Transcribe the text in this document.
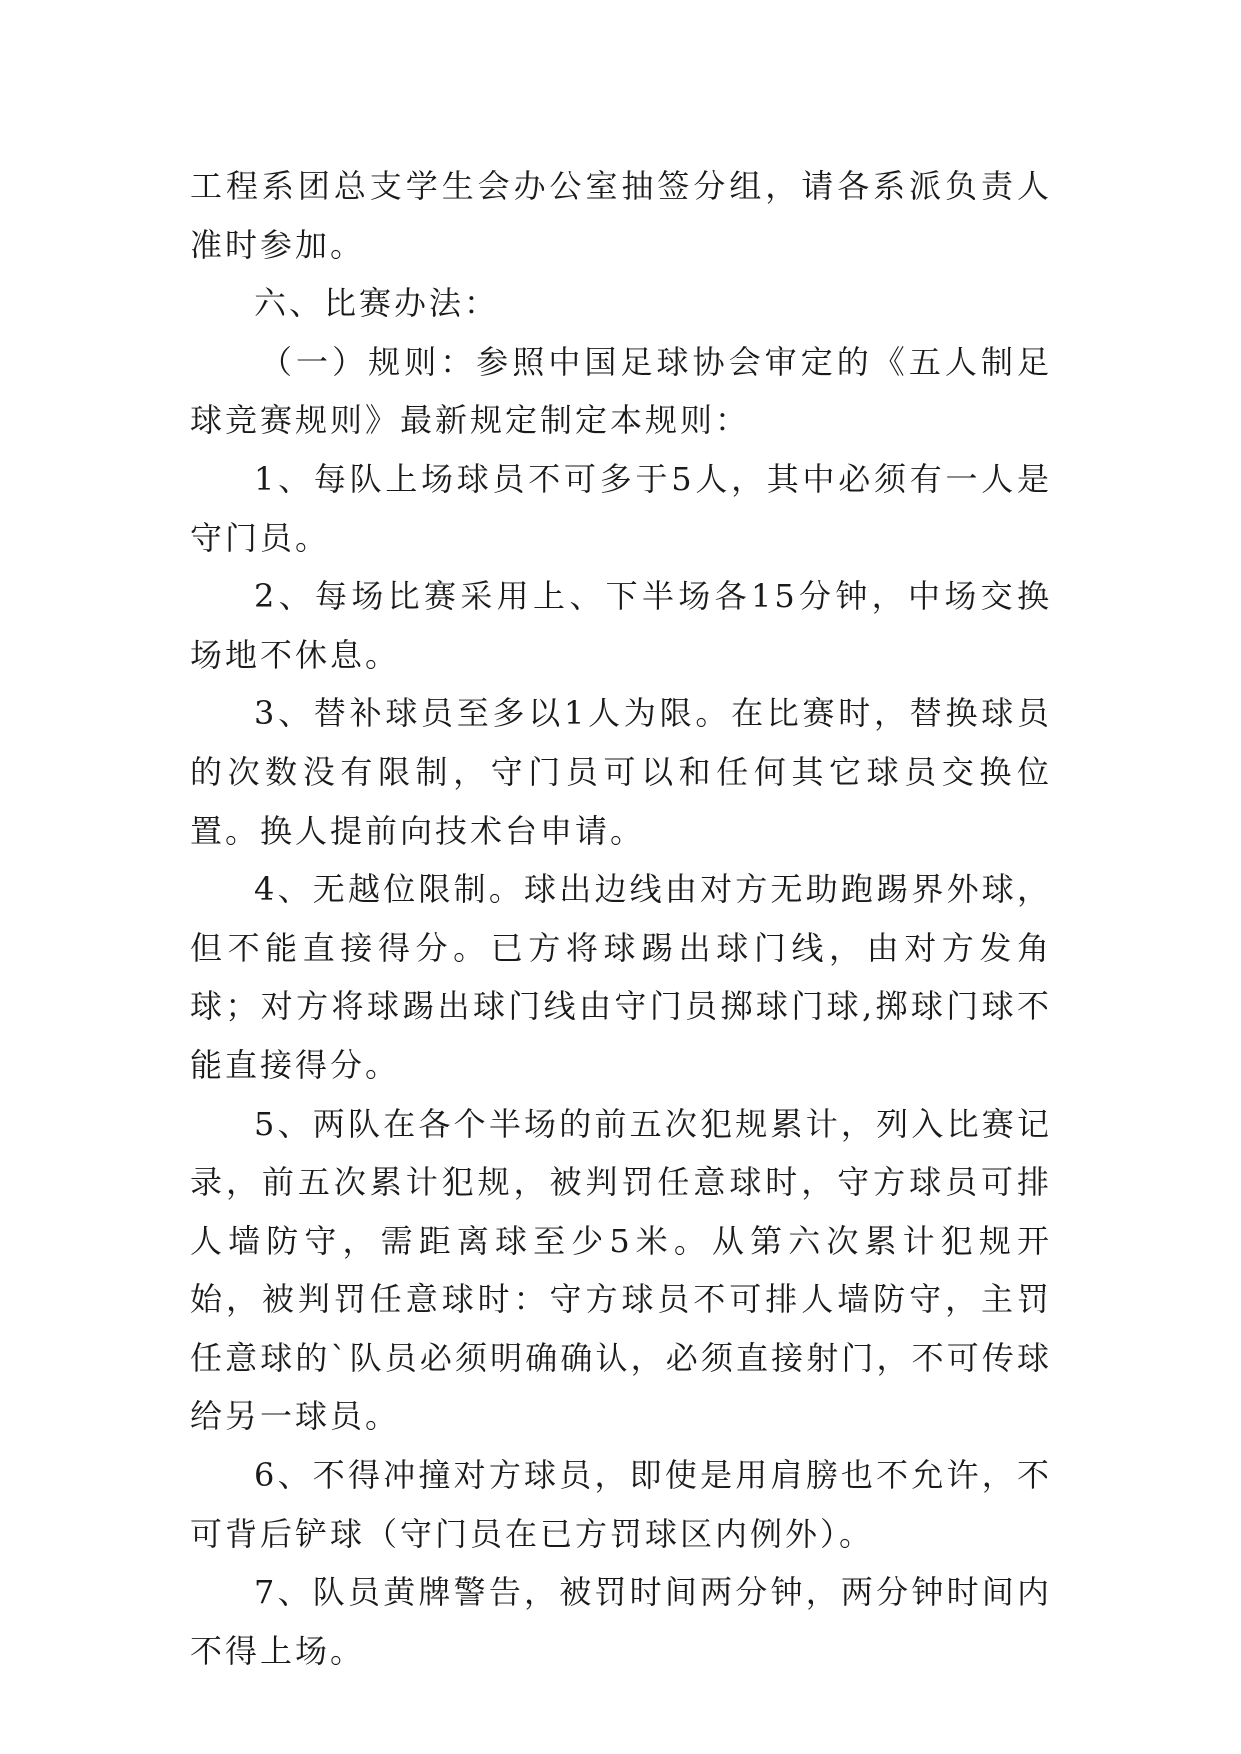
工程系团总支学生会办公室抽签分组，请各系派负责人准时参加。

六、比赛办法：

（一）规则：参照中国足球协会审定的《五人制足球竞赛规则》最新规定制定本规则：

1、每队上场球员不可多于5人，其中必须有一人是守门员。

2、每场比赛采用上、下半场各15分钟，中场交换场地不休息。

3、替补球员至多以1人为限。在比赛时，替换球员的次数没有限制，守门员可以和任何其它球员交换位置。换人提前向技术台申请。

4、无越位限制。球出边线由对方无助跑踢界外球，但不能直接得分。已方将球踢出球门线，由对方发角球；对方将球踢出球门线由守门员掷球门球,掷球门球不能直接得分。

5、两队在各个半场的前五次犯规累计，列入比赛记录，前五次累计犯规，被判罚任意球时，守方球员可排人墙防守，需距离球至少5米。从第六次累计犯规开始，被判罚任意球时：守方球员不可排人墙防守，主罚任意球的`队员必须明确确认，必须直接射门，不可传球给另一球员。

6、不得冲撞对方球员，即使是用肩膀也不允许，不可背后铲球（守门员在已方罚球区内例外）。

7、队员黄牌警告，被罚时间两分钟，两分钟时间内不得上场。
